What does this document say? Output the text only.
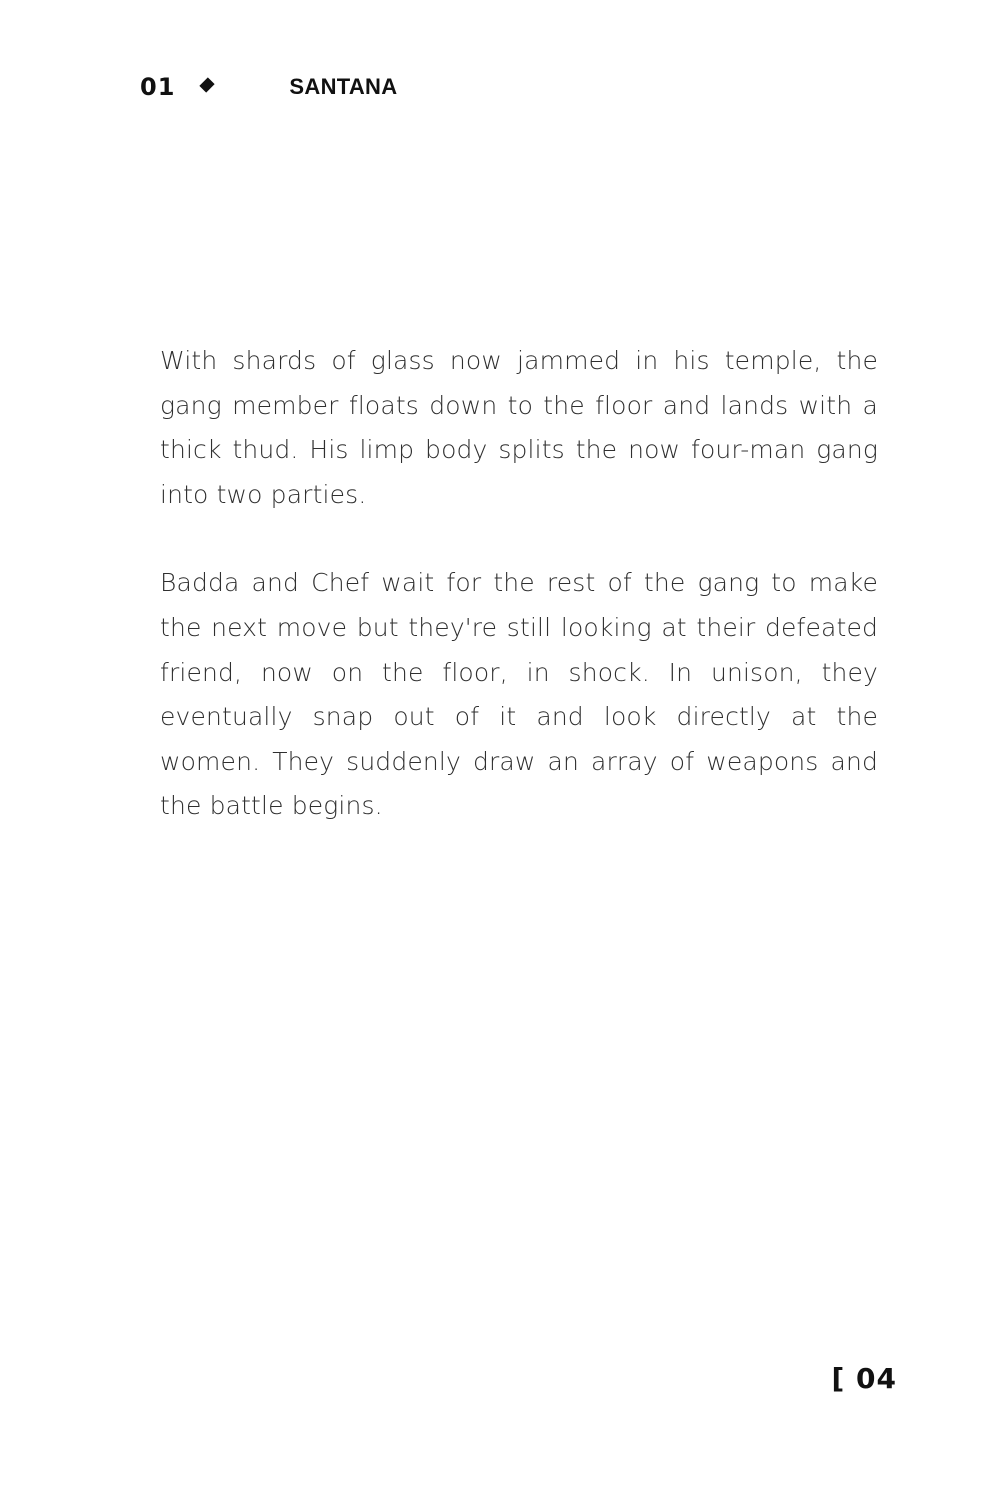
01	SANTANA

With shards of glass now jammed in his temple, the gang member floats down to the floor and lands with a thick thud. His limp body splits the now four-man gang into two parties.

Badda and Chef wait for the rest of the gang to make the next move but they're still looking at their defeated friend, now on the floor, in shock. In unison, they eventually snap out of it and look directly at the women. They suddenly draw an array of weapons and the battle begins.

[ 04
